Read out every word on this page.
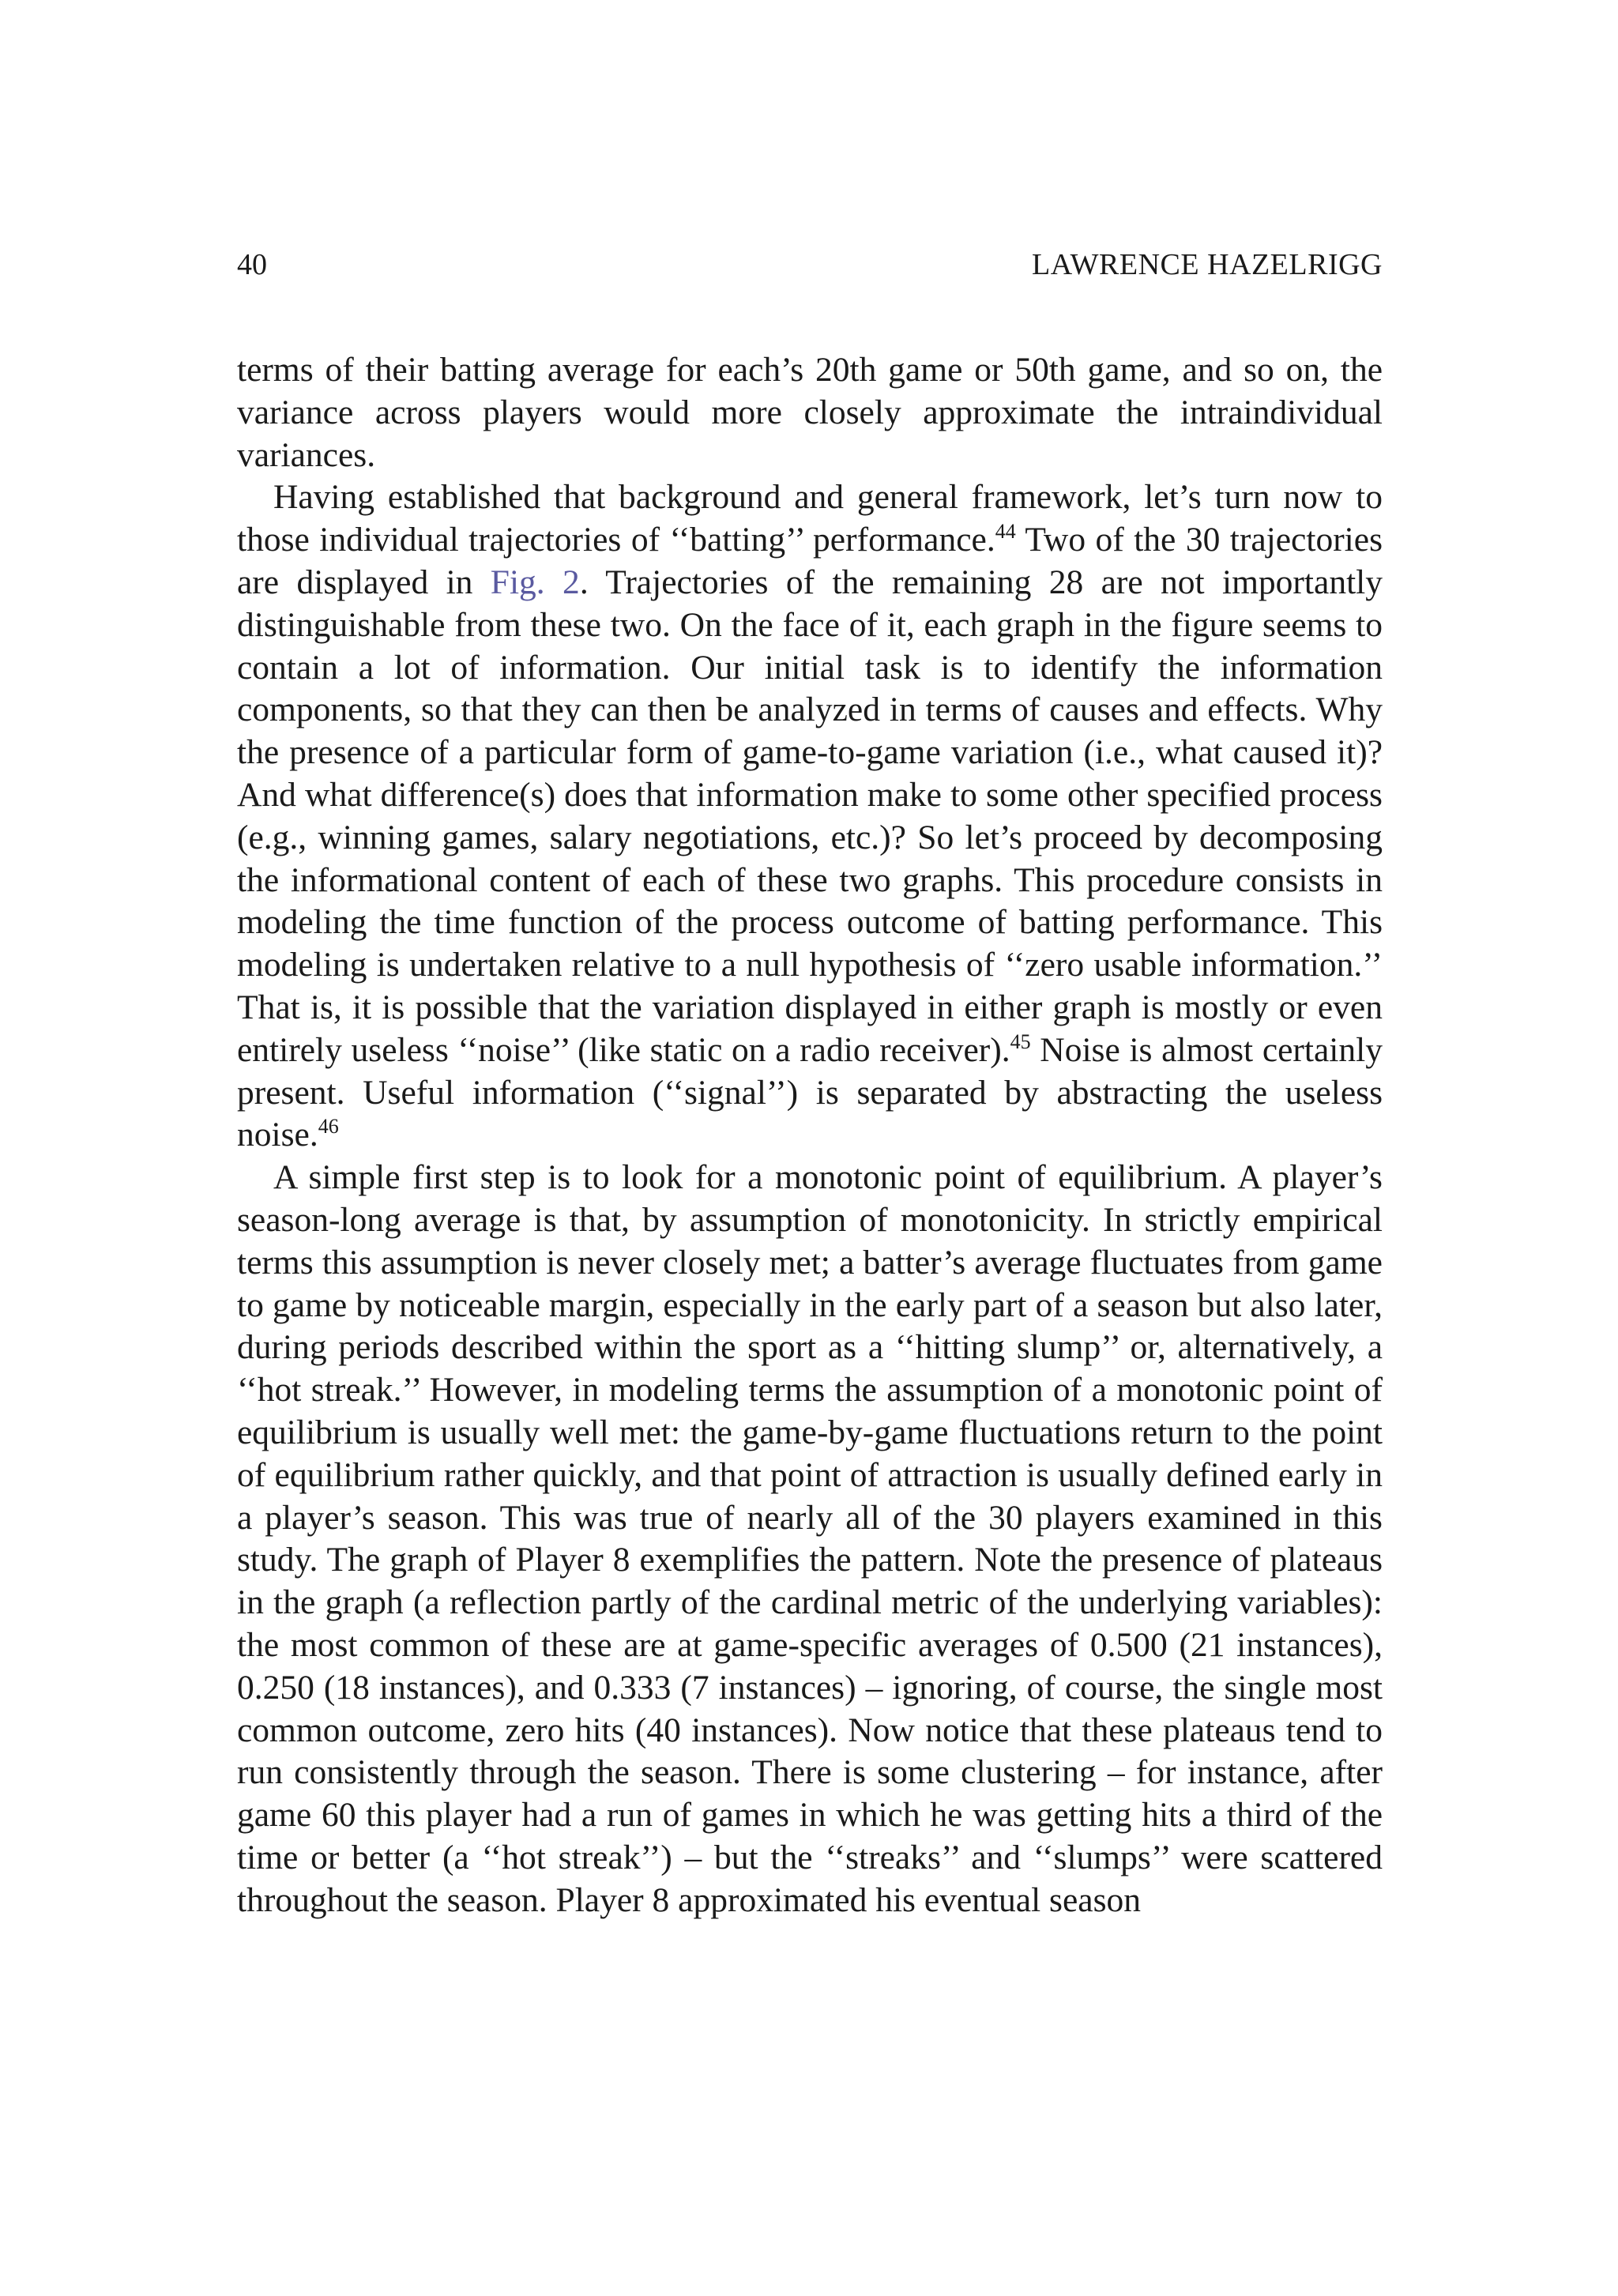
40	LAWRENCE HAZELRIGG

terms of their batting average for each’s 20th game or 50th game, and so on, the variance across players would more closely approximate the intraindividual variances.

Having established that background and general framework, let’s turn now to those individual trajectories of ‘‘batting’’ performance.$^{44}$ Two of the 30 trajectories are displayed in Fig. 2. Trajectories of the remaining 28 are not importantly distinguishable from these two. On the face of it, each graph in the figure seems to contain a lot of information. Our initial task is to identify the information components, so that they can then be analyzed in terms of causes and effects. Why the presence of a particular form of game-to-game variation (i.e., what caused it)? And what difference(s) does that information make to some other specified process (e.g., winning games, salary negotiations, etc.)? So let’s proceed by decomposing the informational content of each of these two graphs. This procedure consists in modeling the time function of the process outcome of batting performance. This modeling is undertaken relative to a null hypothesis of ‘‘zero usable information.’’ That is, it is possible that the variation displayed in either graph is mostly or even entirely useless ‘‘noise’’ (like static on a radio receiver).$^{45}$ Noise is almost certainly present. Useful information (‘‘signal’’) is separated by abstracting the useless noise.$^{46}$

A simple first step is to look for a monotonic point of equilibrium. A player’s season-long average is that, by assumption of monotonicity. In strictly empirical terms this assumption is never closely met; a batter’s average fluctuates from game to game by noticeable margin, especially in the early part of a season but also later, during periods described within the sport as a ‘‘hitting slump’’ or, alternatively, a ‘‘hot streak.’’ However, in modeling terms the assumption of a monotonic point of equilibrium is usually well met: the game-by-game fluctuations return to the point of equilibrium rather quickly, and that point of attraction is usually defined early in a player’s season. This was true of nearly all of the 30 players examined in this study. The graph of Player 8 exemplifies the pattern. Note the presence of plateaus in the graph (a reflection partly of the cardinal metric of the underlying variables): the most common of these are at game-specific averages of 0.500 (21 instances), 0.250 (18 instances), and 0.333 (7 instances) – ignoring, of course, the single most common outcome, zero hits (40 instances). Now notice that these plateaus tend to run consistently through the season. There is some clustering – for instance, after game 60 this player had a run of games in which he was getting hits a third of the time or better (a ‘‘hot streak’’) – but the ‘‘streaks’’ and ‘‘slumps’’ were scattered throughout the season. Player 8 approximated his eventual season
